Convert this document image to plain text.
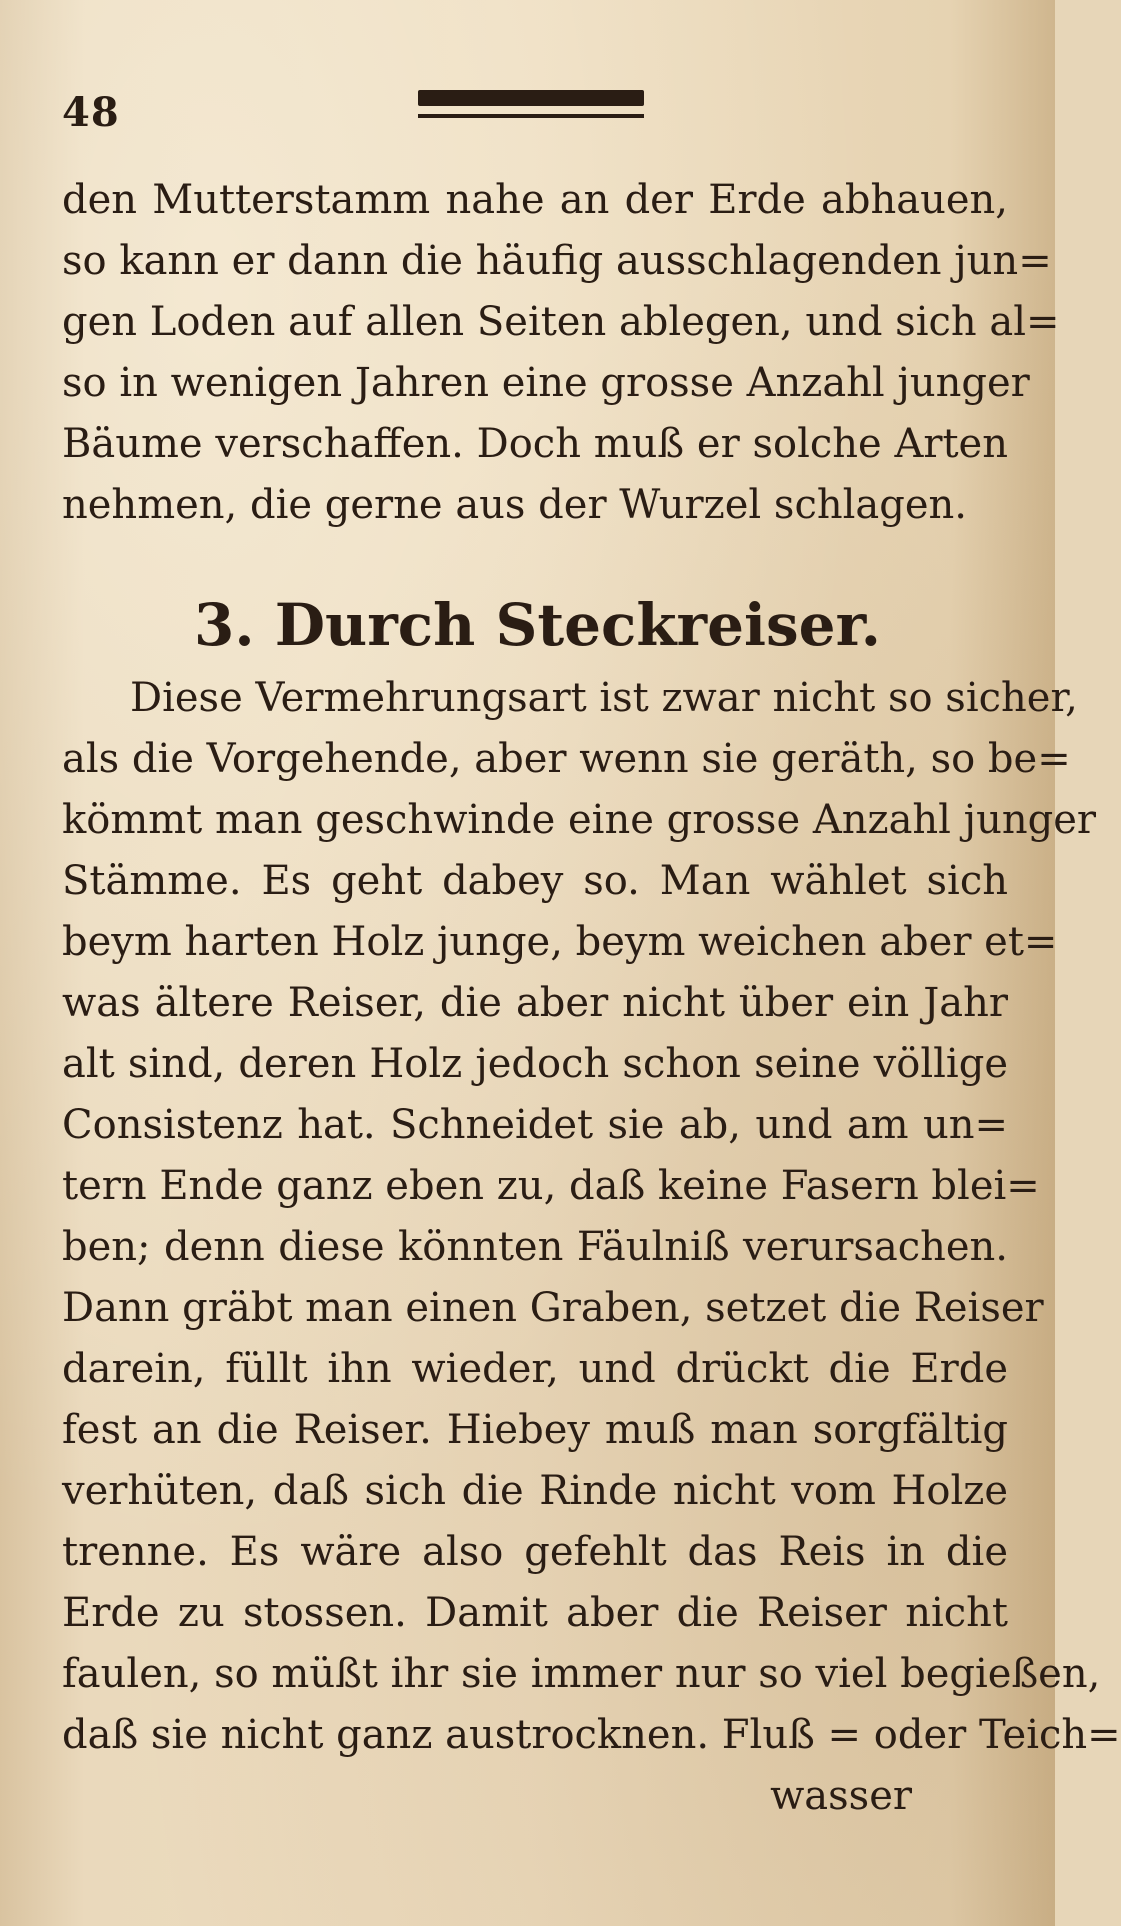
48
den Mutterstamm nahe an der Erde abhauen,
so kann er dann die häufig ausschlagenden jun=
gen Loden auf allen Seiten ablegen, und sich al=
so in wenigen Jahren eine grosse Anzahl junger
Bäume verschaffen. Doch muß er solche Arten
nehmen, die gerne aus der Wurzel schlagen.
3. Durch Steckreiser.
Diese Vermehrungsart ist zwar nicht so sicher,
als die Vorgehende, aber wenn sie geräth, so be=
kömmt man geschwinde eine grosse Anzahl junger
Stämme. Es geht dabey so. Man wählet sich
beym harten Holz junge, beym weichen aber et=
was ältere Reiser, die aber nicht über ein Jahr
alt sind, deren Holz jedoch schon seine völlige
Consistenz hat. Schneidet sie ab, und am un=
tern Ende ganz eben zu, daß keine Fasern blei=
ben; denn diese könnten Fäulniß verursachen.
Dann gräbt man einen Graben, setzet die Reiser
darein, füllt ihn wieder, und drückt die Erde
fest an die Reiser. Hiebey muß man sorgfältig
verhüten, daß sich die Rinde nicht vom Holze
trenne. Es wäre also gefehlt das Reis in die
Erde zu stossen. Damit aber die Reiser nicht
faulen, so müßt ihr sie immer nur so viel begießen,
daß sie nicht ganz austrocknen. Fluß = oder Teich=
wasser
